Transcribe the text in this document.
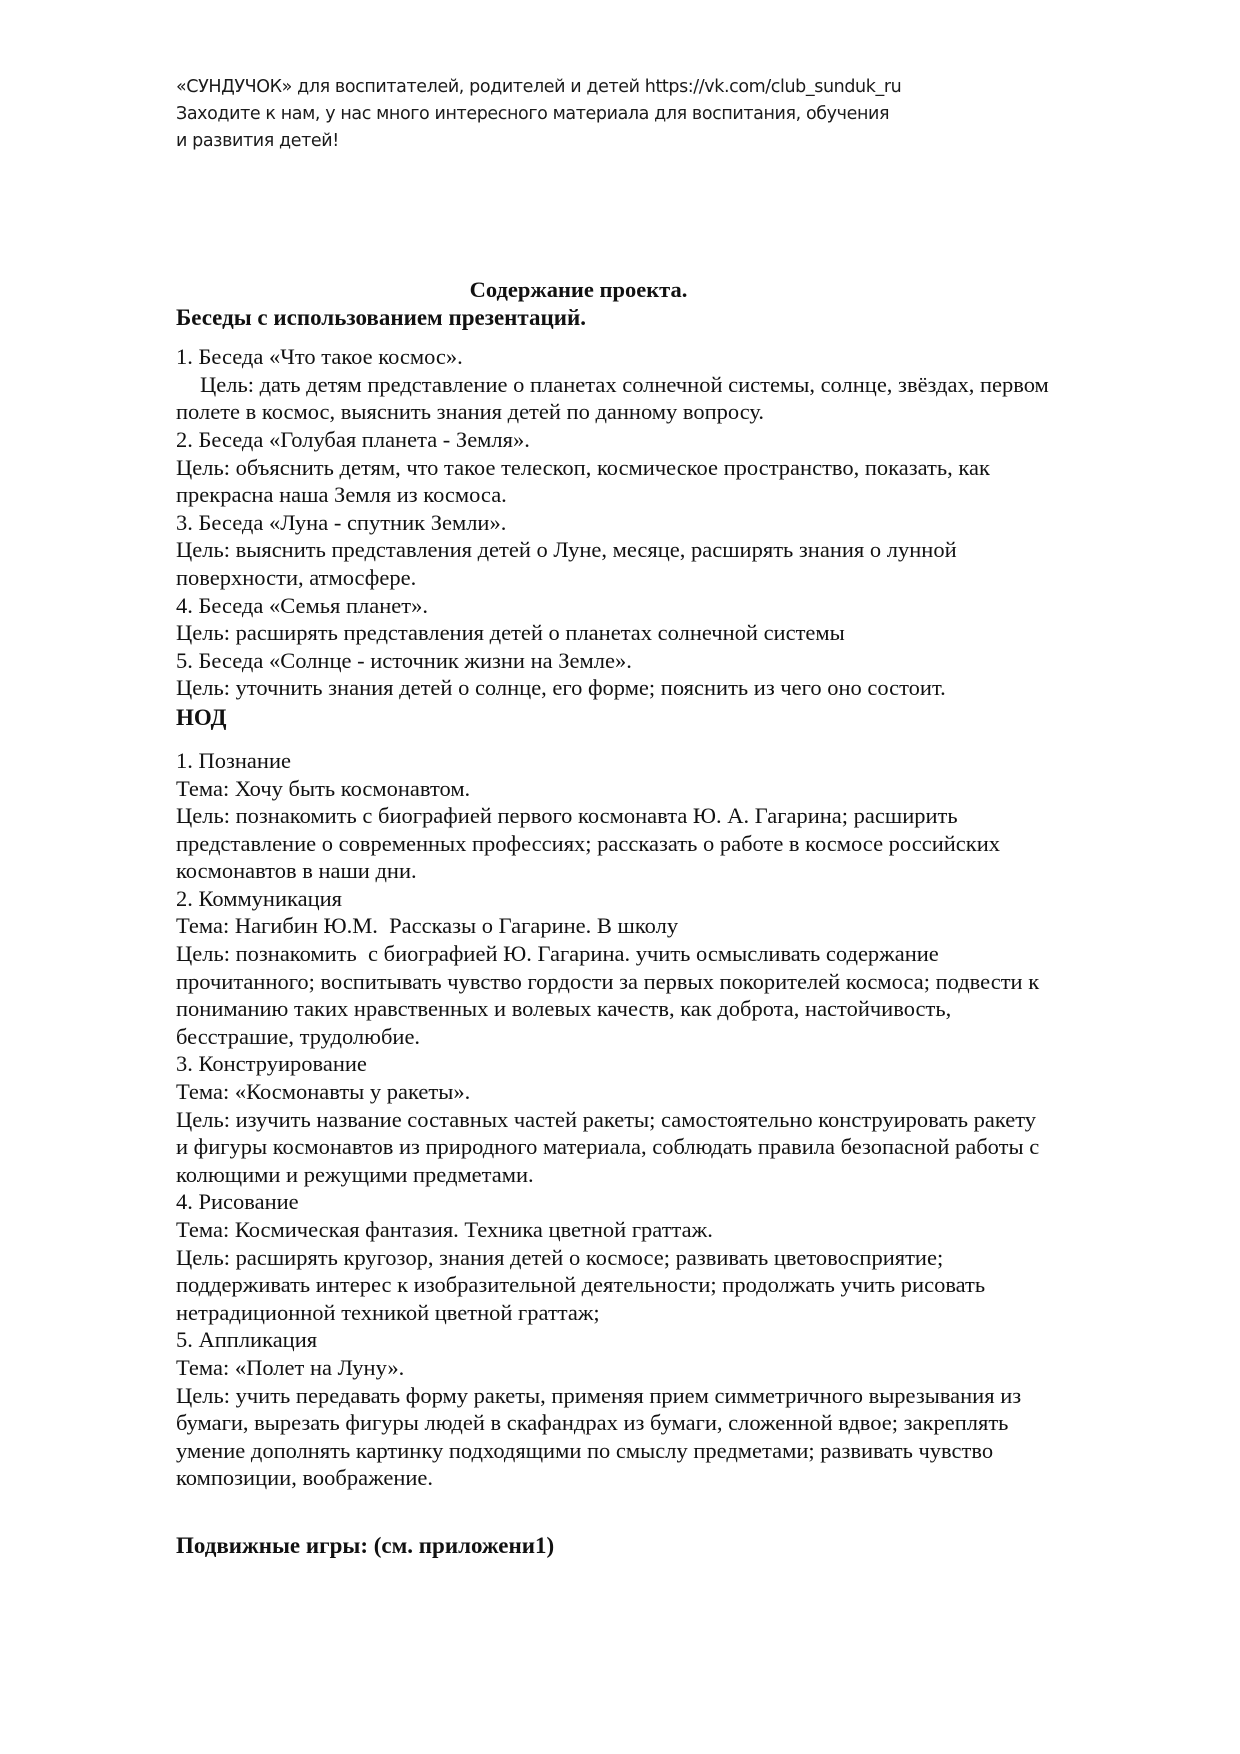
«СУНДУЧОК» для воспитателей, родителей и детей https://vk.com/club_sunduk_ru
Заходите к нам, у нас много интересного материала для воспитания, обучения
и развития детей!
Содержание проекта.
Беседы с использованием презентаций.
1. Беседа «Что такое космос».
Цель: дать детям представление о планетах солнечной системы, солнце, звёздах, первом
полете в космос, выяснить знания детей по данному вопросу.
2. Беседа «Голубая планета - Земля».
Цель: объяснить детям, что такое телескоп, космическое пространство, показать, как
прекрасна наша Земля из космоса.
3. Беседа «Луна - спутник Земли».
Цель: выяснить представления детей о Луне, месяце, расширять знания о лунной
поверхности, атмосфере.
4. Беседа «Семья планет».
Цель: расширять представления детей о планетах солнечной системы
5. Беседа «Солнце - источник жизни на Земле».
Цель: уточнить знания детей о солнце, его форме; пояснить из чего оно состоит.
НОД
1. Познание
Тема: Хочу быть космонавтом.
Цель: познакомить с биографией первого космонавта Ю. А. Гагарина; расширить
представление о современных профессиях; рассказать о работе в космосе российских
космонавтов в наши дни.
2. Коммуникация
Тема: Нагибин Ю.М.  Рассказы о Гагарине. В школу
Цель: познакомить  с биографией Ю. Гагарина. учить осмысливать содержание
прочитанного; воспитывать чувство гордости за первых покорителей космоса; подвести к
пониманию таких нравственных и волевых качеств, как доброта, настойчивость,
бесстрашие, трудолюбие.
3. Конструирование
Тема: «Космонавты у ракеты».
Цель: изучить название составных частей ракеты; самостоятельно конструировать ракету
и фигуры космонавтов из природного материала, соблюдать правила безопасной работы с
колющими и режущими предметами.
4. Рисование
Тема: Космическая фантазия. Техника цветной граттаж.
Цель: расширять кругозор, знания детей о космосе; развивать цветовосприятие;
поддерживать интерес к изобразительной деятельности; продолжать учить рисовать
нетрадиционной техникой цветной граттаж;
5. Аппликация
Тема: «Полет на Луну».
Цель: учить передавать форму ракеты, применяя прием симметричного вырезывания из
бумаги, вырезать фигуры людей в скафандрах из бумаги, сложенной вдвое; закреплять
умение дополнять картинку подходящими по смыслу предметами; развивать чувство
композиции, воображение.
Подвижные игры: (см. приложени1)
